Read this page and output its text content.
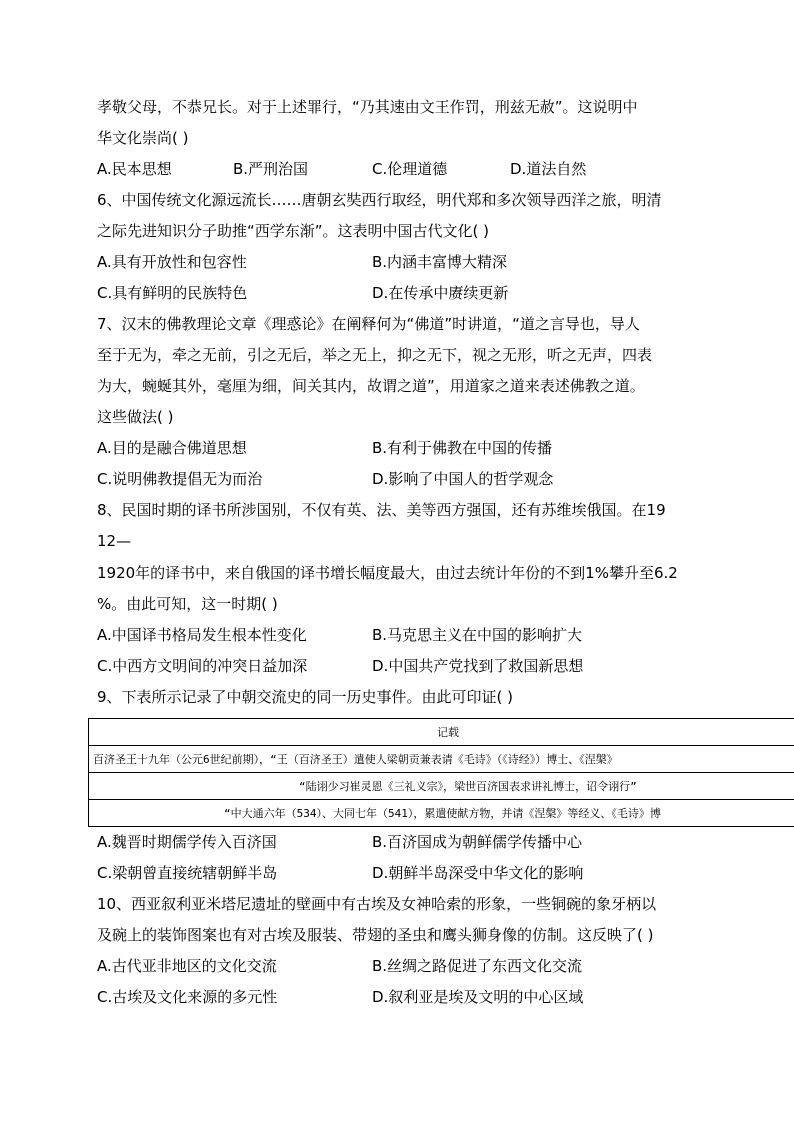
孝敬父母，不恭兄长。对于上述罪行，“乃其速由文王作罚，刑兹无赦”。这说明中
华文化崇尚( )
A.民本思想	B.严刑治国	C.伦理道德	D.道法自然
6、中国传统文化源远流长……唐朝玄奘西行取经，明代郑和多次领导西洋之旅，明清
之际先进知识分子助推“西学东渐”。这表明中国古代文化( )
A.具有开放性和包容性	B.内涵丰富博大精深
C.具有鲜明的民族特色	D.在传承中赓续更新
7、汉末的佛教理论文章《理惑论》在阐释何为“佛道”时讲道，“道之言导也，导人
至于无为，牵之无前，引之无后，举之无上，抑之无下，视之无形，听之无声，四表
为大，蜿蜒其外，毫厘为细，间关其内，故谓之道”，用道家之道来表述佛教之道。
这些做法( )
A.目的是融合佛道思想	B.有利于佛教在中国的传播
C.说明佛教提倡无为而治	D.影响了中国人的哲学观念
8、民国时期的译书所涉国别，不仅有英、法、美等西方强国，还有苏维埃俄国。在19
12—
1920年的译书中，来自俄国的译书增长幅度最大，由过去统计年份的不到1%攀升至6.2
%。由此可知，这一时期( )
A.中国译书格局发生根本性变化	B.马克思主义在中国的影响扩大
C.中西方文明间的冲突日益加深	D.中国共产党找到了救国新思想
9、下表所示记录了中朝交流史的同一历史事件。由此可印证( )
记载
百济圣王十九年（公元6世纪前期），“王（百济圣王）遣使人梁朝贡兼表请《毛诗》（《诗经》）博士、《涅槃》
“陆诩少习崔灵恩《三礼义宗》，梁世百济国表求讲礼博士，诏令诩行”
“中大通六年（534）、大同七年（541），累遣使献方物，并请《涅槃》等经义、《毛诗》博
A.魏晋时期儒学传入百济国	B.百济国成为朝鲜儒学传播中心
C.梁朝曾直接统辖朝鲜半岛	D.朝鲜半岛深受中华文化的影响
10、西亚叙利亚米塔尼遗址的壁画中有古埃及女神哈索的形象，一些铜碗的象牙柄以
及碗上的装饰图案也有对古埃及服装、带翅的圣虫和鹰头狮身像的仿制。这反映了( )
A.古代亚非地区的文化交流	B.丝绸之路促进了东西文化交流
C.古埃及文化来源的多元性	D.叙利亚是埃及文明的中心区域
